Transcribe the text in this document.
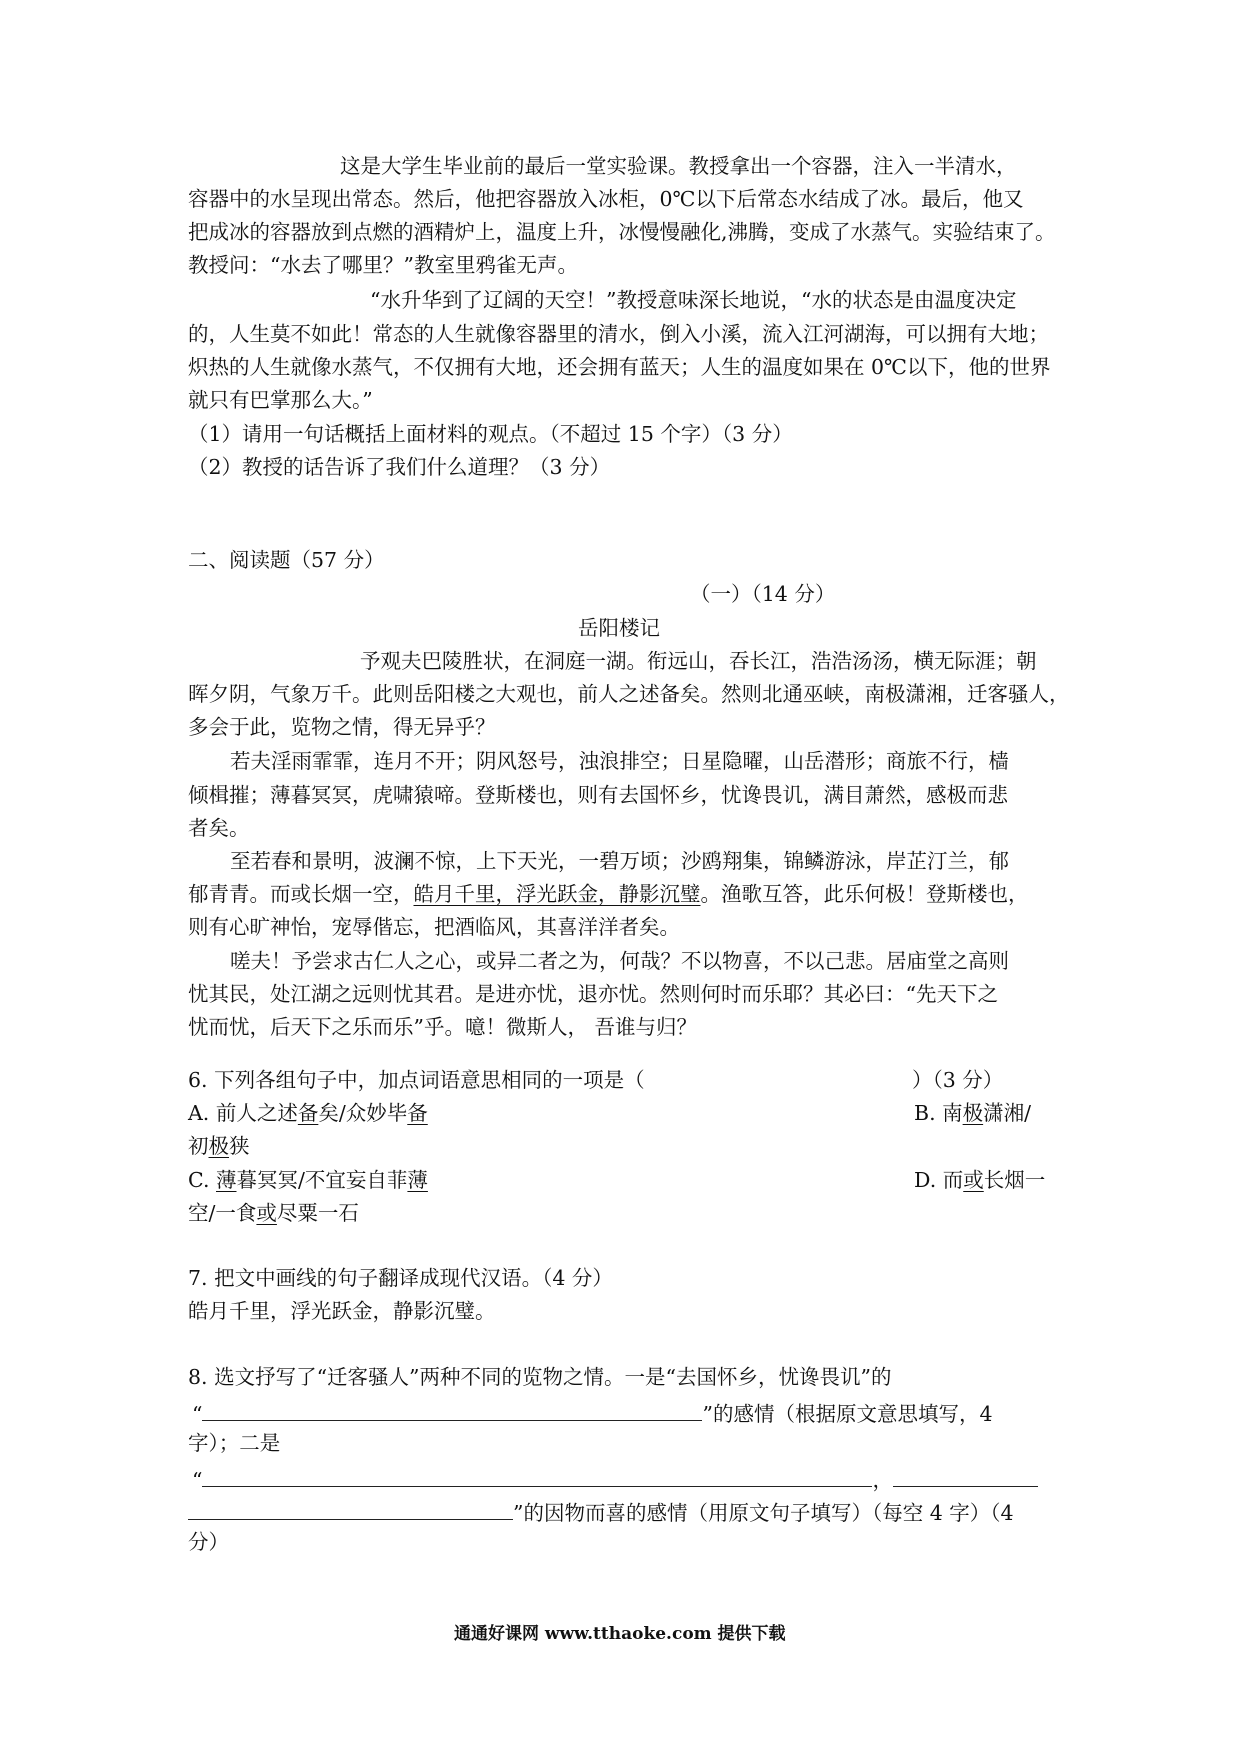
这是大学生毕业前的最后一堂实验课。教授拿出一个容器，注入一半清水，
容器中的水呈现出常态。然后，他把容器放入冰柜，0℃以下后常态水结成了冰。最后，他又
把成冰的容器放到点燃的酒精炉上，温度上升，冰慢慢融化,沸腾，变成了水蒸气。实验结束了。
教授问：“水去了哪里？”教室里鸦雀无声。
“水升华到了辽阔的天空！”教授意味深长地说，“水的状态是由温度决定
的，人生莫不如此！常态的人生就像容器里的清水，倒入小溪，流入江河湖海，可以拥有大地；
炽热的人生就像水蒸气，不仅拥有大地，还会拥有蓝天；人生的温度如果在 0℃以下，他的世界
就只有巴掌那么大。”
（1）请用一句话概括上面材料的观点。（不超过 15 个字）（3 分）
（2）教授的话告诉了我们什么道理？（3 分）
二、阅读题（57 分）
（一）（14 分）
岳阳楼记
予观夫巴陵胜状，在洞庭一湖。衔远山，吞长江，浩浩汤汤，横无际涯；朝
晖夕阴，气象万千。此则岳阳楼之大观也，前人之述备矣。然则北通巫峡，南极潇湘，迁客骚人，
多会于此，览物之情，得无异乎？
若夫淫雨霏霏，连月不开；阴风怒号，浊浪排空；日星隐曜，山岳潜形；商旅不行，樯
倾楫摧；薄暮冥冥，虎啸猿啼。登斯楼也，则有去国怀乡，忧谗畏讥，满目萧然，感极而悲
者矣。
至若春和景明，波澜不惊，上下天光，一碧万顷；沙鸥翔集，锦鳞游泳，岸芷汀兰，郁
郁青青。而或长烟一空，皓月千里，浮光跃金，静影沉璧。渔歌互答，此乐何极！登斯楼也，
则有心旷神怡，宠辱偕忘，把酒临风，其喜洋洋者矣。
嗟夫！予尝求古仁人之心，或异二者之为，何哉？不以物喜，不以己悲。居庙堂之高则
忧其民，处江湖之远则忧其君。是进亦忧，退亦忧。然则何时而乐耶？其必曰：“先天下之
忧而忧，后天下之乐而乐”乎。噫！微斯人， 吾谁与归？
6. 下列各组句子中，加点词语意思相同的一项是（	）（3 分）
A. 前人之述备矣/众妙毕备	B. 南极潇湘/
初极狭
C. 薄暮冥冥/不宜妄自菲薄	D. 而或长烟一
空/一食或尽粟一石
7. 把文中画线的句子翻译成现代汉语。（4 分）
皓月千里，浮光跃金，静影沉璧。
8. 选文抒写了“迁客骚人”两种不同的览物之情。一是“去国怀乡，忧谗畏讥”的
“	”的感情（根据原文意思填写，4
字）；二是
“	，
”的因物而喜的感情（用原文句子填写）（每空 4 字）（4
分）
通通好课网 www.tthaoke.com 提供下载
